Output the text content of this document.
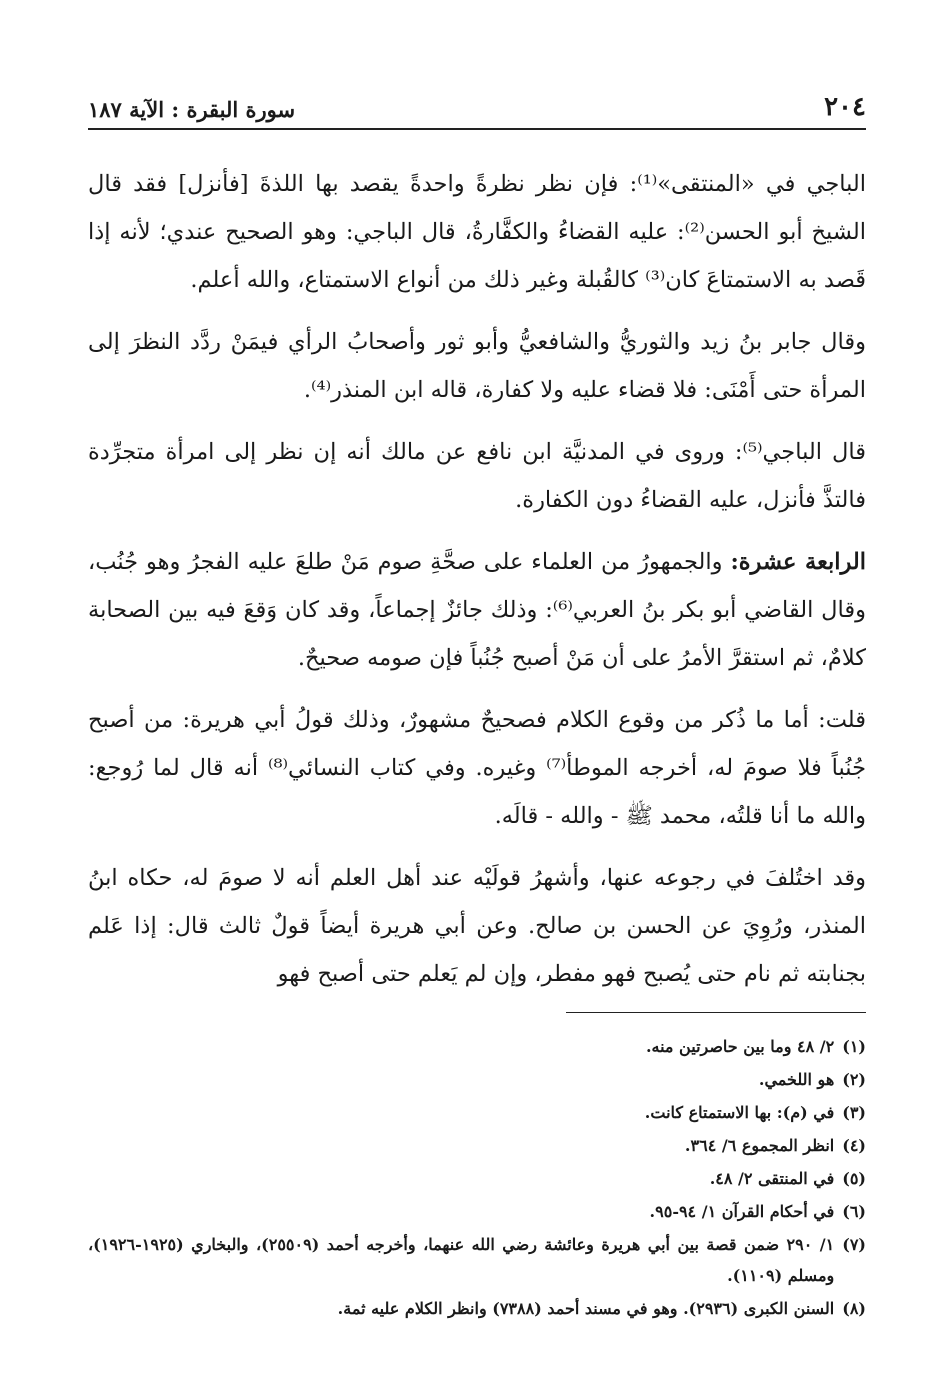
٢٠٤
سورة البقرة : الآية ١٨٧

الباجي في «المنتقى»⁽¹⁾: فإن نظر نظرةً واحدةً يقصد بها اللذةَ [فأنزل] فقد قال الشيخ أبو الحسن⁽²⁾: عليه القضاءُ والكفَّارةُ، قال الباجي: وهو الصحيح عندي؛ لأنه إذا قَصد به الاستمتاعَ كان⁽³⁾ كالقُبلة وغير ذلك من أنواع الاستمتاع، والله أعلم.

وقال جابر بنُ زيد والثوريُّ والشافعيُّ وأبو ثور وأصحابُ الرأي فيمَنْ ردَّد النظرَ إلى المرأة حتى أَمْنَى: فلا قضاء عليه ولا كفارة، قاله ابن المنذر⁽⁴⁾.

قال الباجي⁽⁵⁾: وروى في المدنيَّة ابن نافع عن مالك أنه إن نظر إلى امرأة متجرِّدة فالتذَّ فأنزل، عليه القضاءُ دون الكفارة.

الرابعة عشرة: والجمهورُ من العلماء على صحَّةِ صوم مَنْ طلعَ عليه الفجرُ وهو جُنُب، وقال القاضي أبو بكر بنُ العربي⁽⁶⁾: وذلك جائزٌ إجماعاً، وقد كان وَقعَ فيه بين الصحابة كلامٌ، ثم استقرَّ الأمرُ على أن مَنْ أصبح جُنُباً فإن صومه صحيحٌ.

قلت: أما ما ذُكر من وقوع الكلام فصحيحٌ مشهورٌ، وذلك قولُ أبي هريرة: من أصبح جُنُباً فلا صومَ له، أخرجه الموطأ⁽⁷⁾ وغيره. وفي كتاب النسائي⁽⁸⁾ أنه قال لما رُوجع: والله ما أنا قلتُه، محمد ﷺ - والله - قالَه.

وقد اختُلفَ في رجوعه عنها، وأشهرُ قولَيْه عند أهل العلم أنه لا صومَ له، حكاه ابنُ المنذر، ورُوِيَ عن الحسن بن صالح. وعن أبي هريرة أيضاً قولٌ ثالث قال: إذا عَلم بجنابته ثم نام حتى يُصبح فهو مفطر، وإن لم يَعلم حتى أصبح فهو

(١)
٢/ ٤٨ وما بين حاصرتين منه.
(٢)
هو اللخمي.
(٣)
في (م): بها الاستمتاع كانت.
(٤)
انظر المجموع ٦/ ٣٦٤.
(٥)
في المنتقى ٢/ ٤٨.
(٦)
في أحكام القرآن ١/ ٩٤-٩٥.
(٧)
١/ ٢٩٠ ضمن قصة بين أبي هريرة وعائشة رضي الله عنهما، وأخرجه أحمد (٢٥٥٠٩)، والبخاري (١٩٢٥-١٩٢٦)، ومسلم (١١٠٩).
(٨)
السنن الكبرى (٢٩٣٦). وهو في مسند أحمد (٧٣٨٨) وانظر الكلام عليه ثمة.
